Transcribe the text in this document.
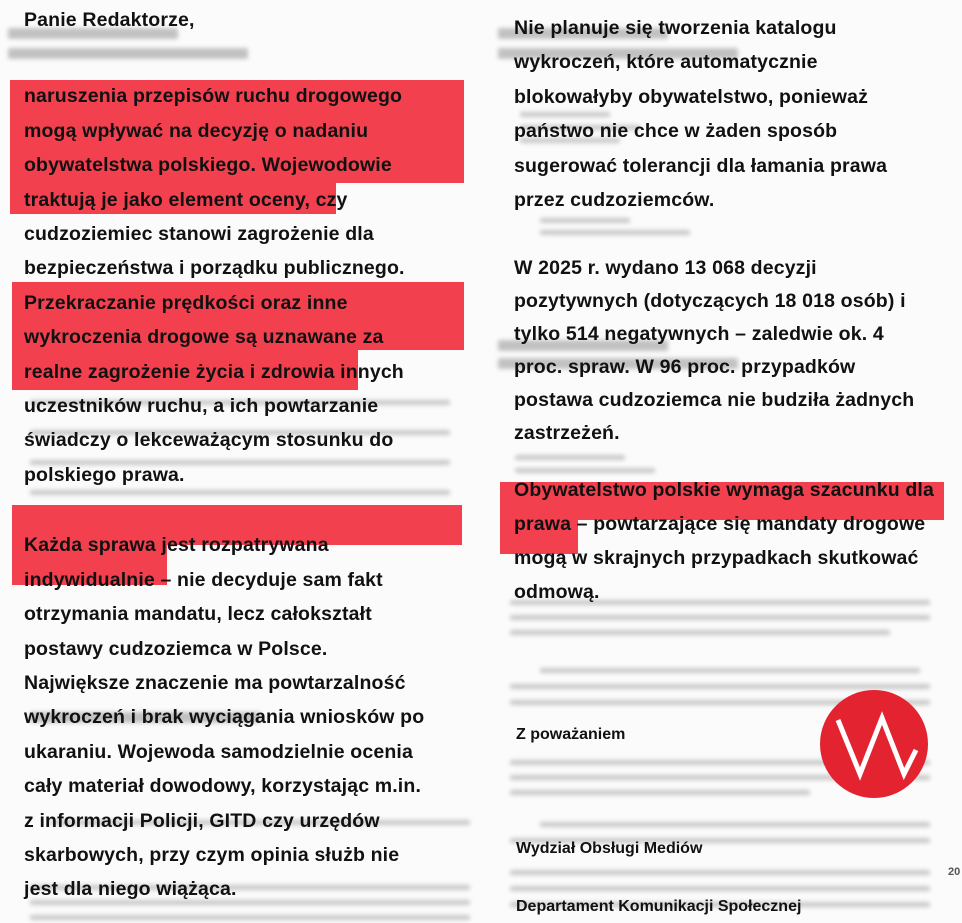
Panie Redaktorze,
naruszenia przepisów ruchu drogowego
mogą wpływać na decyzję o nadaniu
obywatelstwa polskiego. Wojewodowie
traktują je jako element oceny, czy
cudzoziemiec stanowi zagrożenie dla
bezpieczeństwa i porządku publicznego.
Przekraczanie prędkości oraz inne
wykroczenia drogowe są uznawane za
realne zagrożenie życia i zdrowia innych
uczestników ruchu, a ich powtarzanie
świadczy o lekceważącym stosunku do
polskiego prawa.
Każda sprawa jest rozpatrywana
indywidualnie – nie decyduje sam fakt
otrzymania mandatu, lecz całokształt
postawy cudzoziemca w Polsce.
Największe znaczenie ma powtarzalność
wykroczeń i brak wyciągania wniosków po
ukaraniu. Wojewoda samodzielnie ocenia
cały materiał dowodowy, korzystając m.in.
z informacji Policji, GITD czy urzędów
skarbowych, przy czym opinia służb nie
jest dla niego wiążąca.
Nie planuje się tworzenia katalogu
wykroczeń, które automatycznie
blokowałyby obywatelstwo, ponieważ
państwo nie chce w żaden sposób
sugerować tolerancji dla łamania prawa
przez cudzoziemców.
W 2025 r. wydano 13 068 decyzji
pozytywnych (dotyczących 18 018 osób) i
tylko 514 negatywnych – zaledwie ok. 4
proc. spraw. W 96 proc. przypadków
postawa cudzoziemca nie budziła żadnych
zastrzeżeń.
Obywatelstwo polskie wymaga szacunku dla
prawa – powtarzające się mandaty drogowe
mogą w skrajnych przypadkach skutkować
odmową.
Z poważaniem
Wydział Obsługi Mediów
Departament Komunikacji Społecznej
20
